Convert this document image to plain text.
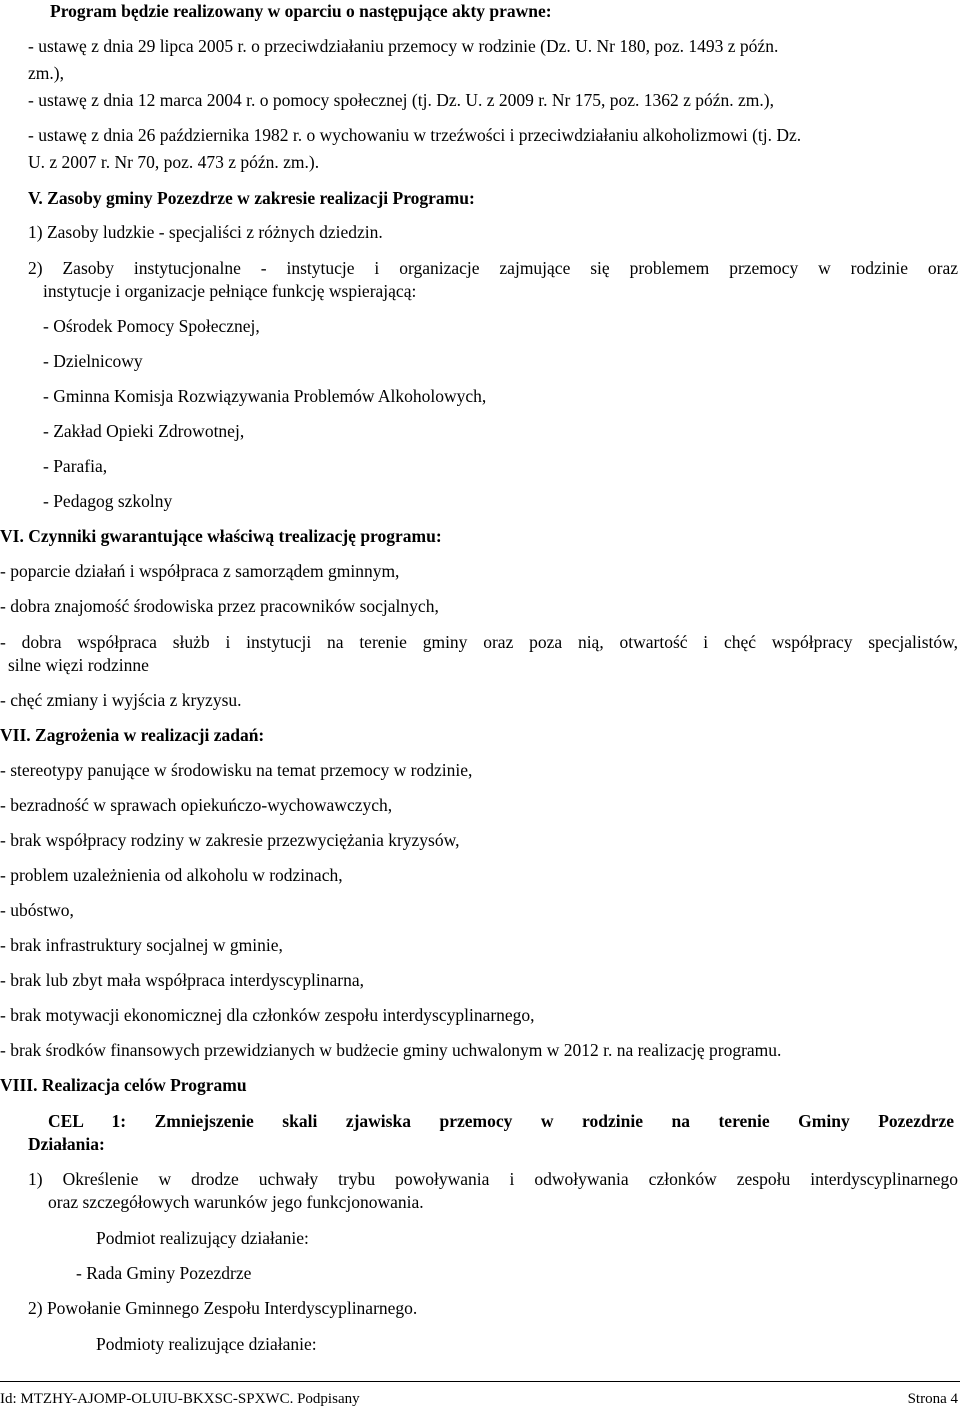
Program będzie realizowany w oparciu o następujące akty prawne:
- ustawę z dnia 29 lipca 2005 r. o przeciwdziałaniu przemocy w rodzinie (Dz. U. Nr 180, poz. 1493 z późn.
zm.),
- ustawę z dnia 12 marca 2004 r. o pomocy społecznej (tj. Dz. U. z 2009 r. Nr 175, poz. 1362 z późn. zm.),
- ustawę z dnia 26 października 1982 r. o wychowaniu w trzeźwości i przeciwdziałaniu alkoholizmowi (tj. Dz.
U. z 2007 r. Nr 70, poz. 473 z późn. zm.).
V. Zasoby gminy Pozezdrze w zakresie realizacji Programu:
1) Zasoby ludzkie - specjaliści z różnych dziedzin.
2) Zasoby instytucjonalne - instytucje i organizacje zajmujące się problemem przemocy w rodzinie oraz
instytucje i organizacje pełniące funkcję wspierającą:
- Ośrodek Pomocy Społecznej,
- Dzielnicowy
- Gminna Komisja Rozwiązywania Problemów Alkoholowych,
- Zakład Opieki Zdrowotnej,
- Parafia,
- Pedagog szkolny
VI. Czynniki gwarantujące właściwą trealizację programu:
- poparcie działań i współpraca z samorządem gminnym,
- dobra znajomość środowiska przez pracowników socjalnych,
- dobra współpraca służb i instytucji na terenie gminy oraz poza nią, otwartość i chęć współpracy specjalistów,
silne więzi rodzinne
- chęć zmiany i wyjścia z kryzysu.
VII. Zagrożenia w realizacji zadań:
- stereotypy panujące w środowisku na temat przemocy w rodzinie,
- bezradność w sprawach opiekuńczo-wychowawczych,
- brak współpracy rodziny w zakresie przezwyciężania kryzysów,
- problem uzależnienia od alkoholu w rodzinach,
- ubóstwo,
- brak infrastruktury socjalnej w gminie,
- brak lub zbyt mała współpraca interdyscyplinarna,
- brak motywacji ekonomicznej dla członków zespołu interdyscyplinarnego,
- brak środków finansowych przewidzianych w budżecie gminy uchwalonym w 2012 r. na realizację programu.
VIII. Realizacja celów Programu
CEL 1: Zmniejszenie skali zjawiska przemocy w rodzinie na terenie Gminy Pozezdrze
Działania:
1) Określenie w drodze uchwały trybu powoływania i odwoływania członków zespołu interdyscyplinarnego
oraz szczegółowych warunków jego funkcjonowania.
Podmiot realizujący działanie:
- Rada Gminy Pozezdrze
2) Powołanie Gminnego Zespołu Interdyscyplinarnego.
Podmioty realizujące działanie:
Id: MTZHY-AJOMP-OLUIU-BKXSC-SPXWC. Podpisany	Strona 4
